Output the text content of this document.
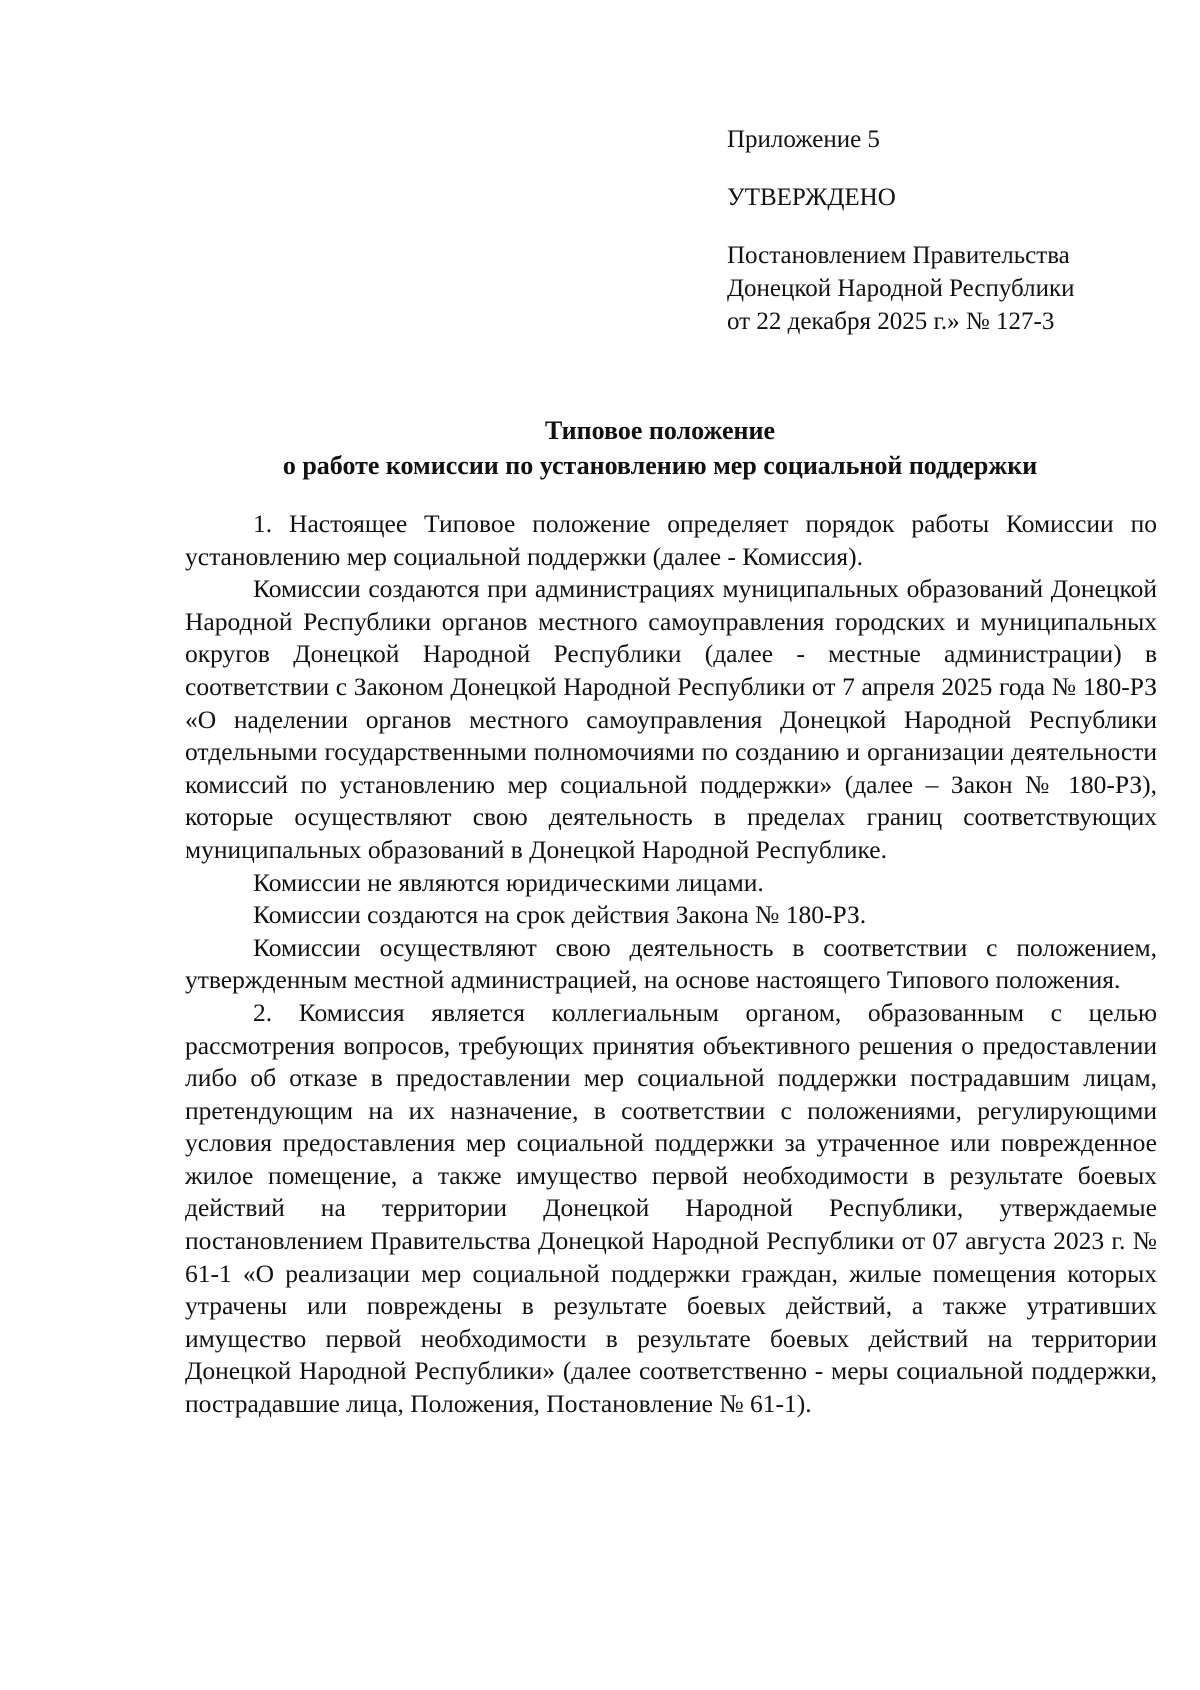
Приложение 5
УТВЕРЖДЕНО
Постановлением Правительства
Донецкой Народной Республики
от 22 декабря 2025 г.» № 127-3
Типовое положение
о работе комиссии по установлению мер социальной поддержки

1. Настоящее Типовое положение определяет порядок работы Комиссии по установлению мер социальной поддержки (далее - Комиссия).

Комиссии создаются при администрациях муниципальных образований Донецкой Народной Республики органов местного самоуправления городских и муниципальных округов Донецкой Народной Республики (далее - местные администрации) в соответствии с Законом Донецкой Народной Республики от 7 апреля 2025 года № 180-РЗ «О наделении органов местного самоуправления Донецкой Народной Республики отдельными государственными полномочиями по созданию и организации деятельности комиссий по установлению мер социальной поддержки» (далее – Закон № 180-РЗ), которые осуществляют свою деятельность в пределах границ соответствующих муниципальных образований в Донецкой Народной Республике.

Комиссии не являются юридическими лицами.

Комиссии создаются на срок действия Закона № 180-РЗ.

Комиссии осуществляют свою деятельность в соответствии с положением, утвержденным местной администрацией, на основе настоящего Типового положения.

2. Комиссия является коллегиальным органом, образованным с целью рассмотрения вопросов, требующих принятия объективного решения о предоставлении либо об отказе в предоставлении мер социальной поддержки пострадавшим лицам, претендующим на их назначение, в соответствии с положениями, регулирующими условия предоставления мер социальной поддержки за утраченное или поврежденное жилое помещение, а также имущество первой необходимости в результате боевых действий на территории Донецкой Народной Республики, утверждаемые постановлением Правительства Донецкой Народной Республики от 07 августа 2023 г. № 61-1 «О реализации мер социальной поддержки граждан, жилые помещения которых утрачены или повреждены в результате боевых действий, а также утративших имущество первой необходимости в результате боевых действий на территории Донецкой Народной Республики» (далее соответственно - меры социальной поддержки, пострадавшие лица, Положения, Постановление № 61-1).
